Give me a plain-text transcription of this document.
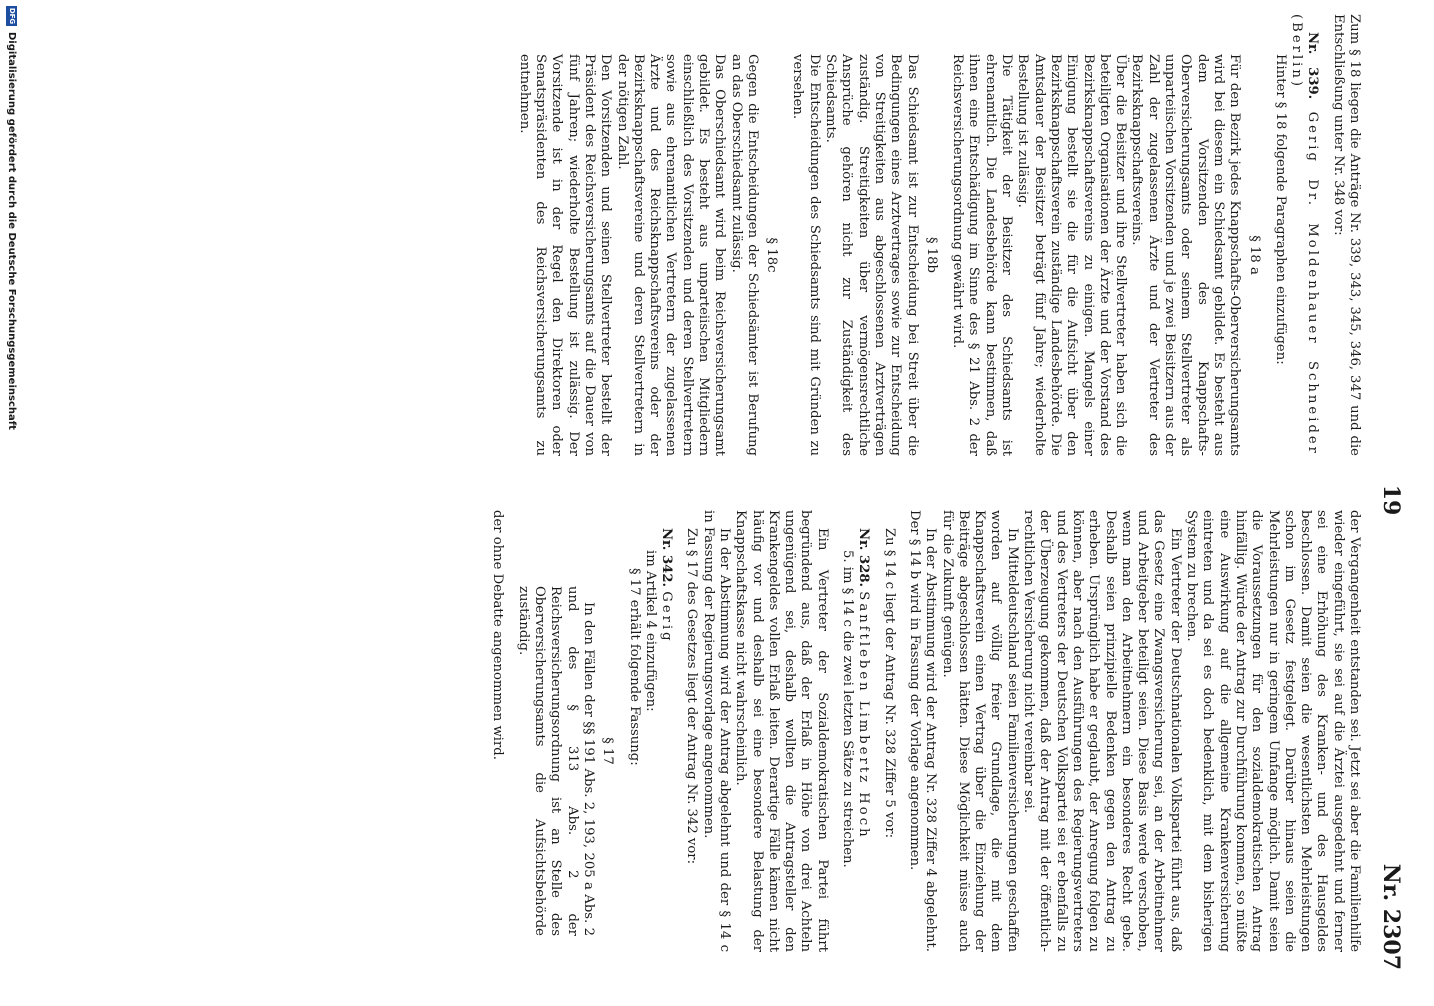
19
Nr. 2307

Zum § 18 liegen die Anträge Nr. 339, 343, 345, 346, 347 und die Entschließung unter Nr. 348 vor:

Nr. 339. Gerig Dr. Moldenhauer Schneider (Berlin)

Hinter § 18 folgende Paragraphen einzufügen:

§ 18 a

Für den Bezirk jedes Knappschafts-Oberversicherungsamts wird bei diesem ein Schiedsamt gebildet. Es besteht aus dem Vorsitzenden des Knappschafts-Oberversicherungsamts oder seinem Stellvertreter als unparteiischen Vorsitzenden und je zwei Beisitzern aus der Zahl der zugelassenen Ärzte und der Vertreter des Bezirksknappschaftsvereins.

Über die Beisitzer und ihre Stellvertreter haben sich die beteiligten Organisationen der Ärzte und der Vorstand des Bezirksknappschaftsvereins zu einigen. Mangels einer Einigung bestellt sie die für die Aufsicht über den Bezirksknappschaftsverein zuständige Landesbehörde. Die Amtsdauer der Beisitzer beträgt fünf Jahre; wiederholte Bestellung ist zulässig.

Die Tätigkeit der Beisitzer des Schiedsamts ist ehrenamtlich. Die Landesbehörde kann bestimmen, daß ihnen eine Entschädigung im Sinne des § 21 Abs. 2 der Reichsversicherungsordnung gewährt wird.

§ 18b

Das Schiedsamt ist zur Entscheidung bei Streit über die Bedingungen eines Arztvertrages sowie zur Entscheidung von Streitigkeiten aus abgeschlossenen Arztverträgen zuständig. Streitigkeiten über vermögensrechtliche Ansprüche gehören nicht zur Zuständigkeit des Schiedsamts.

Die Entscheidungen des Schiedsamts sind mit Gründen zu versehen.

§ 18c

Gegen die Entscheidungen der Schiedsämter ist Berufung an das Oberschiedsamt zulässig.

Das Oberschiedsamt wird beim Reichsversicherungsamt gebildet. Es besteht aus unparteiischen Mitgliedern einschließlich des Vorsitzenden und deren Stellvertretern sowie aus ehrenamtlichen Vertretern der zugelassenen Ärzte und des Reichsknappschaftsvereins oder der Bezirksknappschaftsvereine und deren Stellvertretern in der nötigen Zahl.

Den Vorsitzenden und seinen Stellvertreter bestellt der Präsident des Reichsversicherungsamts auf die Dauer von fünf Jahren; wiederholte Bestellung ist zulässig. Der Vorsitzende ist in der Regel den Direktoren oder Senatspräsidenten des Reichsversicherungsamts zu entnehmen.

der Vergangenheit entstanden sei. Jetzt sei aber die Familienhilfe wieder eingeführt, sie sei auf die Ärztei ausgedehnt und ferner sei eine Erhöhung des Kranken- und des Hausgeldes beschlossen. Damit seien die wesentlichsten Mehrleistungen schon im Gesetz festgelegt. Darüber hinaus seien die Mehrleistungen nur in geringem Umfange möglich. Damit seien die Voraussetzungen für den sozialdemokratischen Antrag hinfällig. Würde der Antrag zur Durchführung kommen, so müßte eine Auswirkung auf die allgemeine Krankenversicherung eintreten und da sei es doch bedenklich, mit dem bisherigen System zu brechen.

Ein Vertreter der Deutschnationalen Volkspartei führt aus, daß das Gesetz eine Zwangsversicherung sei, an der Arbeitnehmer und Arbeitgeber beteiligt seien. Diese Basis werde verschoben, wenn man den Arbeitnehmern ein besonderes Recht gebe. Deshalb seien prinzipielle Bedenken gegen den Antrag zu erheben. Ursprünglich habe er geglaubt, der Anregung folgen zu können, aber nach den Ausführungen des Regierungsvertreters und des Vertreters der Deutschen Volkspartei sei er ebenfalls zu der Überzeugung gekommen, daß der Antrag mit der öffentlich-rechtlichen Versicherung nicht vereinbar sei.

In Mitteldeutschland seien Familienversicherungen geschaffen worden auf völlig freier Grundlage, die mit dem Knappschaftsverein einen Vertrag über die Einziehung der Beiträge abgeschlossen hätten. Diese Möglichkeit müsse auch für die Zukunft genügen.

In der Abstimmung wird der Antrag Nr. 328 Ziffer 4 abgelehnt. Der § 14 b wird in Fassung der Vorlage angenommen.

Zu § 14 c liegt der Antrag Nr. 328 Ziffer 5 vor:

Nr. 328. Sanftleben Limbertz Hoch

5. im § 14 c die zwei letzten Sätze zu streichen.

Ein Vertreter der Sozialdemokratischen Partei führt begründend aus, daß der Erlaß in Höhe von drei Achteln ungenügend sei, deshalb wollten die Antragsteller den Krankengeldes vollen Erlaß leiten. Derartige Fälle kämen nicht häufig vor und deshalb sei eine besondere Belastung der Knappschaftskasse nicht wahrscheinlich.

In der Abstimmung wird der Antrag abgelehnt und der § 14 c in Fassung der Regierungsvorlage angenommen.

Zu § 17 des Gesetzes liegt der Antrag Nr. 342 vor:

Nr. 342. Gerig

im Artikel 4 einzufügen:

§ 17 erhält folgende Fassung:

§ 17

In den Fällen der §§ 191 Abs. 2, 193, 205 a Abs. 2 und des § 313 Abs. 2 der Reichsversicherungsordnung ist an Stelle des Oberversicherungsamts die Aufsichtsbehörde zuständig.

der ohne Debatte angenommen wird.

DFGDigitalisierung gefördert durch die Deutsche Forschungsgemeinschaft
